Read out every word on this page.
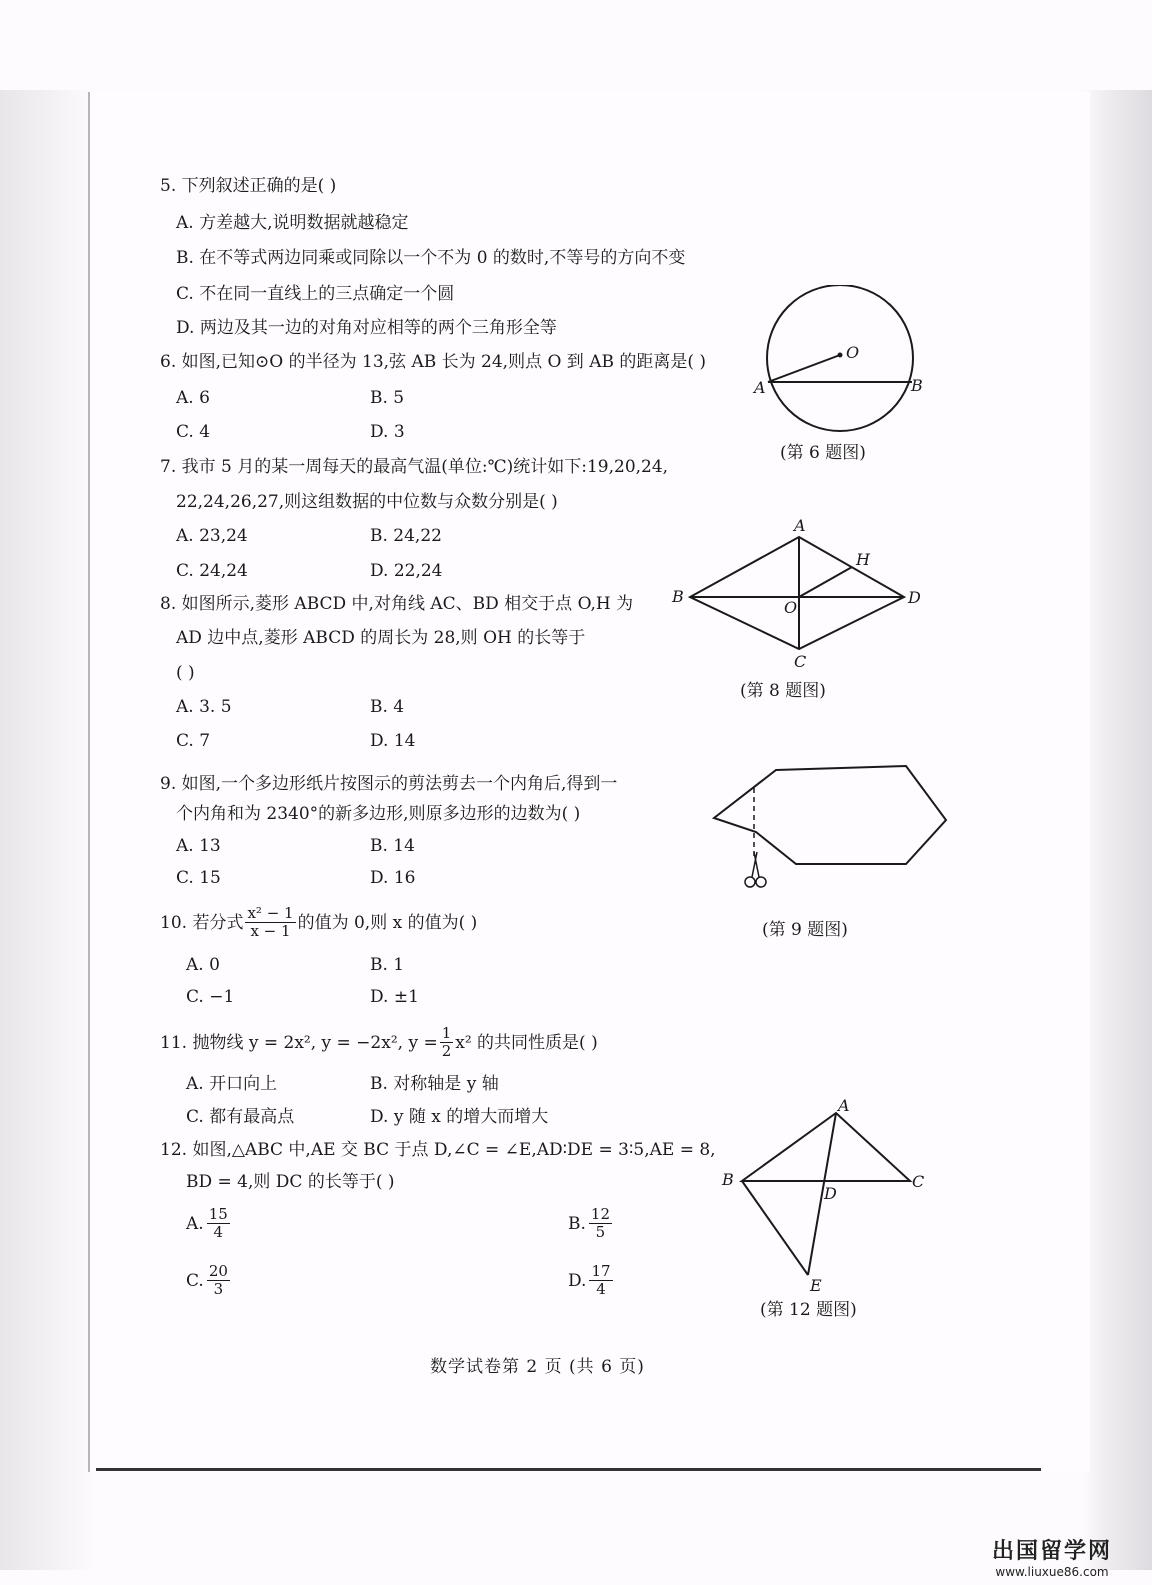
5. 下列叙述正确的是( )
A. 方差越大,说明数据就越稳定
B. 在不等式两边同乘或同除以一个不为 0 的数时,不等号的方向不变
C. 不在同一直线上的三点确定一个圆
D. 两边及其一边的对角对应相等的两个三角形全等
6. 如图,已知⊙O 的半径为 13,弦 AB 长为 24,则点 O 到 AB 的距离是( )
A. 6	B. 5
C. 4	D. 3
7. 我市 5 月的某一周每天的最高气温(单位:℃)统计如下:19,20,24,
22,24,26,27,则这组数据的中位数与众数分别是( )
A. 23,24	B. 24,22
C. 24,24	D. 22,24
8. 如图所示,菱形 ABCD 中,对角线 AC、BD 相交于点 O,H 为
AD 边中点,菱形 ABCD 的周长为 28,则 OH 的长等于
( )
A. 3. 5	B. 4
C. 7	D. 14
9. 如图,一个多边形纸片按图示的剪法剪去一个内角后,得到一
个内角和为 2340°的新多边形,则原多边形的边数为( )
A. 13	B. 14
C. 15	D. 16
10. 若分式 $\frac{\text{x² − 1}}{x - 1}$ 的值为 0,则 x 的值为( )
A. 0	B. 1
C. −1	D. ±1
11. 抛物线 y = 2x², y = −2x², $y = \frac{1}{2} x^2$ 的共同性质是( )
A. 开口向上	B. 对称轴是 y 轴
C. 都有最高点	D. y 随 x 的增大而增大
12. 如图,△ABC 中,AE 交 BC 于点 D,∠C = ∠E,AD∶DE = 3∶5,AE = 8,
BD = 4,则 DC 的长等于( )
A. $\frac{15}{4}$	B. $\frac{12}{5}$
C. $\frac{20}{3}$	D. $\frac{17}{4}$
O
A	B
(第 6 题图)
A
H
B
O
D
C
(第 8 题图)
(第 9 题图)
A
B
D
C
E
(第 12 题图)
数学试卷第 2 页 (共 6 页)
出国留学网
www.liuxue86.com
